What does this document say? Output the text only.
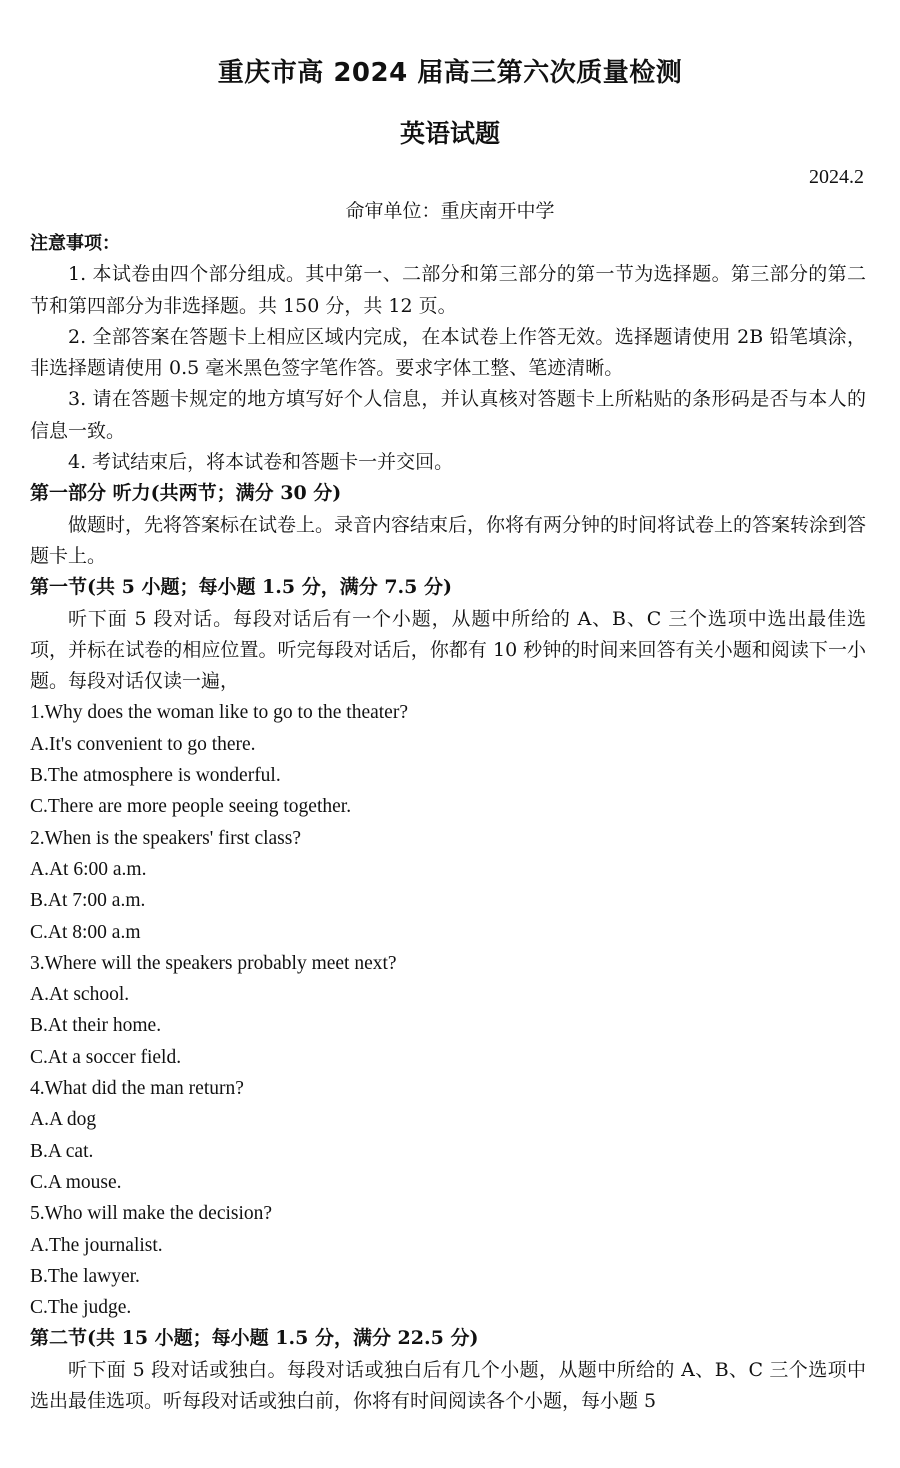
重庆市高 2024 届高三第六次质量检测
英语试题
2024.2
命审单位：重庆南开中学
注意事项：
1. 本试卷由四个部分组成。其中第一、二部分和第三部分的第一节为选择题。第三部分的第二节和第四部分为非选择题。共 150 分，共 12 页。
2. 全部答案在答题卡上相应区域内完成，在本试卷上作答无效。选择题请使用 2B 铅笔填涂，非选择题请使用 0.5 毫米黑色签字笔作答。要求字体工整、笔迹清晰。
3. 请在答题卡规定的地方填写好个人信息，并认真核对答题卡上所粘贴的条形码是否与本人的信息一致。
4. 考试结束后，将本试卷和答题卡一并交回。
第一部分 听力(共两节；满分 30 分)
做题时，先将答案标在试卷上。录音内容结束后，你将有两分钟的时间将试卷上的答案转涂到答题卡上。
第一节(共 5 小题；每小题 1.5 分，满分 7.5 分)
听下面 5 段对话。每段对话后有一个小题，从题中所给的 A、B、C 三个选项中选出最佳选项，并标在试卷的相应位置。听完每段对话后，你都有 10 秒钟的时间来回答有关小题和阅读下一小题。每段对话仅读一遍，
1.Why does the woman like to go to the theater?
A.It's convenient to go there.
B.The atmosphere is wonderful.
C.There are more people seeing together.
2.When is the speakers' first class?
A.At 6:00 a.m.
B.At 7:00 a.m.
C.At 8:00 a.m
3.Where will the speakers probably meet next?
A.At school.
B.At their home.
C.At a soccer field.
4.What did the man return?
A.A dog
B.A cat.
C.A mouse.
5.Who will make the decision?
A.The journalist.
B.The lawyer.
C.The judge.
第二节(共 15 小题；每小题 1.5 分，满分 22.5 分)
听下面 5 段对话或独白。每段对话或独白后有几个小题，从题中所给的 A、B、C 三个选项中选出最佳选项。听每段对话或独白前，你将有时间阅读各个小题，每小题 5
